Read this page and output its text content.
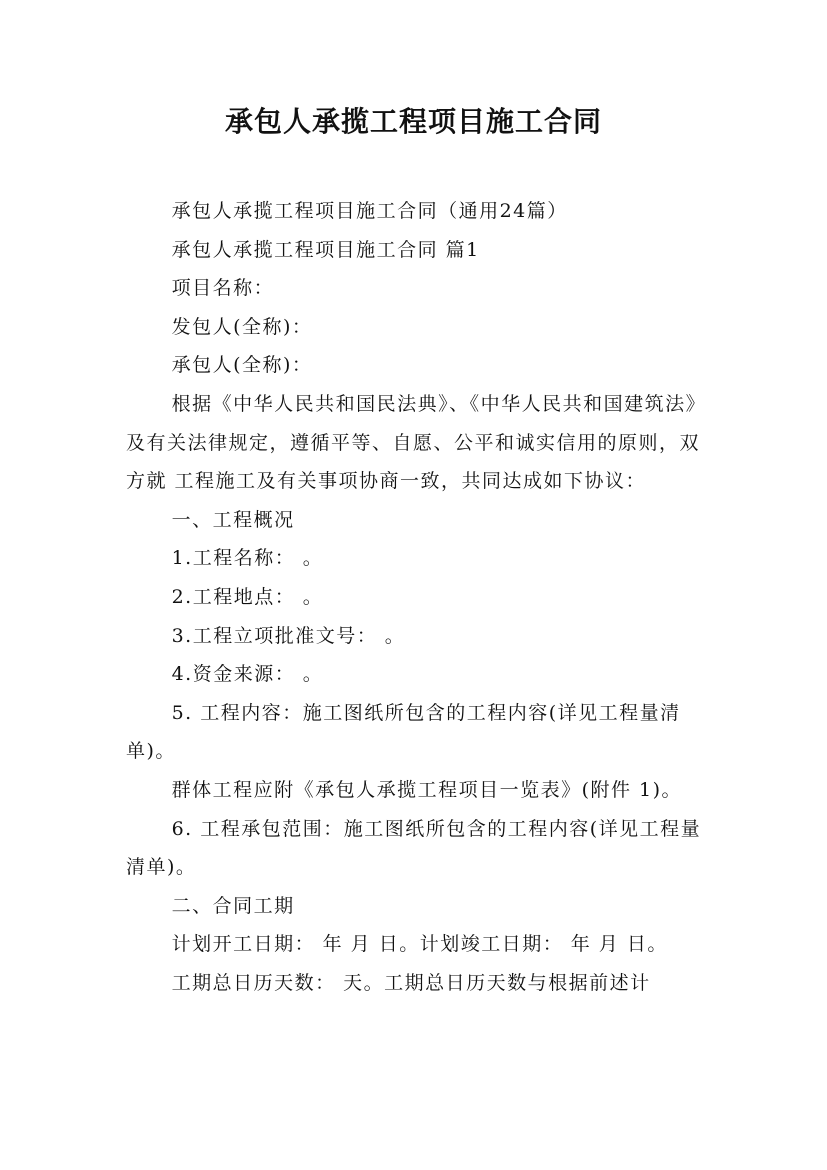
承包人承揽工程项目施工合同

承包人承揽工程项目施工合同（通用24篇）

承包人承揽工程项目施工合同 篇1

项目名称：

发包人(全称)：

承包人(全称)：

根据《中华人民共和国民法典》、《中华人民共和国建筑法》及有关法律规定，遵循平等、自愿、公平和诚实信用的原则，双方就 工程施工及有关事项协商一致，共同达成如下协议：

一、工程概况

1.工程名称： 。

2.工程地点： 。

3.工程立项批准文号： 。

4.资金来源： 。

5. 工程内容：施工图纸所包含的工程内容(详见工程量清单)。

群体工程应附《承包人承揽工程项目一览表》(附件 1)。

6. 工程承包范围：施工图纸所包含的工程内容(详见工程量清单)。

二、合同工期

计划开工日期： 年 月 日。计划竣工日期： 年 月 日。

工期总日历天数： 天。工期总日历天数与根据前述计
